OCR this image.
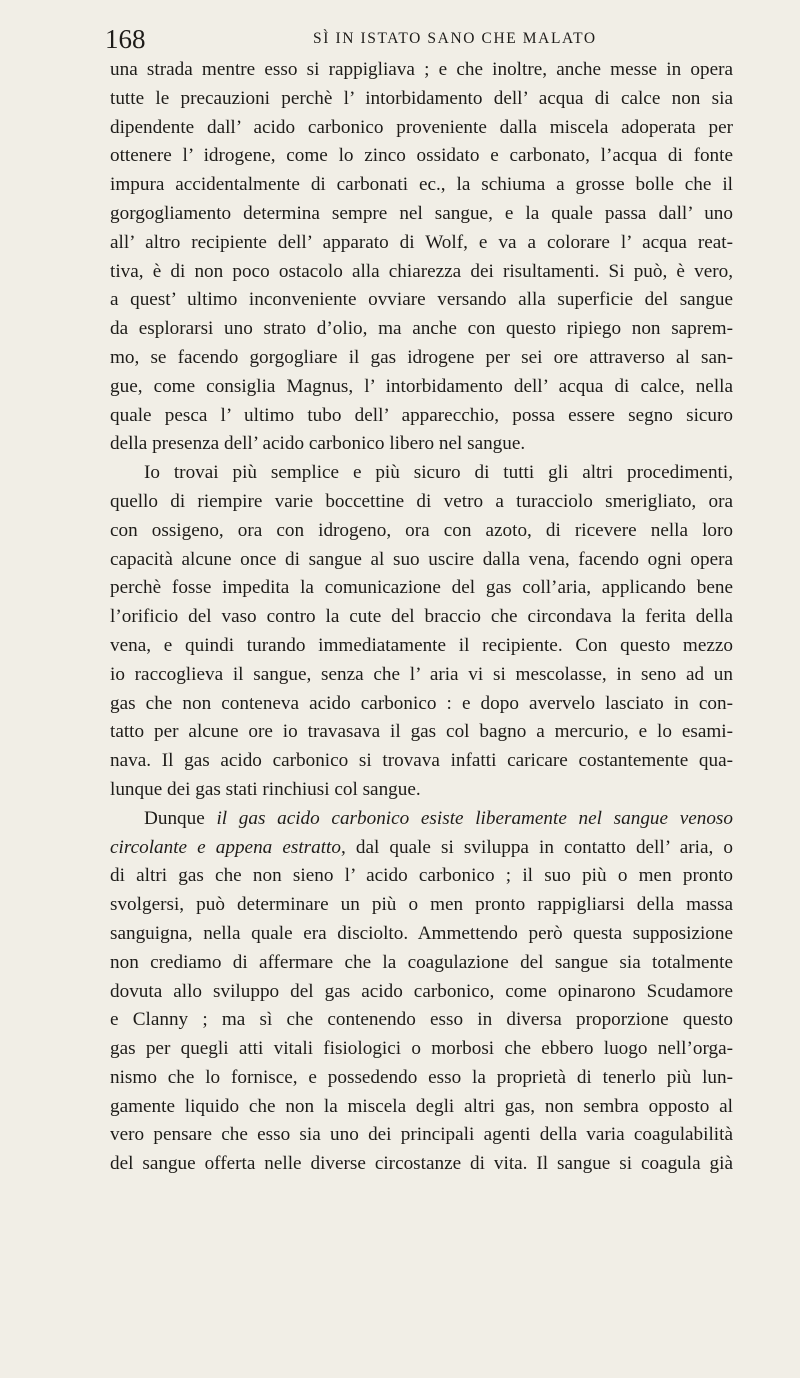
168	SÌ IN ISTATO SANO CHE MALATO
una strada mentre esso si rappigliava ; e che inoltre, anche messe in opera
tutte le precauzioni perchè l’ intorbidamento dell’ acqua di calce non sia
dipendente dall’ acido carbonico proveniente dalla miscela adoperata per
ottenere l’ idrogene, come lo zinco ossidato e carbonato, l’acqua di fonte
impura accidentalmente di carbonati ec., la schiuma a grosse bolle che il
gorgogliamento determina sempre nel sangue, e la quale passa dall’ uno
all’ altro recipiente dell’ apparato di Wolf, e va a colorare l’ acqua reat-
tiva, è di non poco ostacolo alla chiarezza dei risultamenti. Si può, è vero,
a quest’ ultimo inconveniente ovviare versando alla superficie del sangue
da esplorarsi uno strato d’olio, ma anche con questo ripiego non saprem-
mo, se facendo gorgogliare il gas idrogene per sei ore attraverso al san-
gue, come consiglia Magnus, l’ intorbidamento dell’ acqua di calce, nella
quale pesca l’ ultimo tubo dell’ apparecchio, possa essere segno sicuro
della presenza dell’ acido carbonico libero nel sangue.
Io trovai più semplice e più sicuro di tutti gli altri procedimenti,
quello di riempire varie boccettine di vetro a turacciolo smerigliato, ora
con ossigeno, ora con idrogeno, ora con azoto, di ricevere nella loro
capacità alcune once di sangue al suo uscire dalla vena, facendo ogni opera
perchè fosse impedita la comunicazione del gas coll’aria, applicando bene
l’orificio del vaso contro la cute del braccio che circondava la ferita della
vena, e quindi turando immediatamente il recipiente. Con questo mezzo
io raccoglieva il sangue, senza che l’ aria vi si mescolasse, in seno ad un
gas che non conteneva acido carbonico : e dopo avervelo lasciato in con-
tatto per alcune ore io travasava il gas col bagno a mercurio, e lo esami-
nava. Il gas acido carbonico si trovava infatti caricare costantemente qua-
lunque dei gas stati rinchiusi col sangue.
Dunque il gas acido carbonico esiste liberamente nel sangue venoso
circolante e appena estratto, dal quale si sviluppa in contatto dell’ aria, o
di altri gas che non sieno l’ acido carbonico ; il suo più o men pronto
svolgersi, può determinare un più o men pronto rappigliarsi della massa
sanguigna, nella quale era disciolto. Ammettendo però questa supposizione
non crediamo di affermare che la coagulazione del sangue sia totalmente
dovuta allo sviluppo del gas acido carbonico, come opinarono Scudamore
e Clanny ; ma sì che contenendo esso in diversa proporzione questo
gas per quegli atti vitali fisiologici o morbosi che ebbero luogo nell’orga-
nismo che lo fornisce, e possedendo esso la proprietà di tenerlo più lun-
gamente liquido che non la miscela degli altri gas, non sembra opposto al
vero pensare che esso sia uno dei principali agenti della varia coagulabilità
del sangue offerta nelle diverse circostanze di vita. Il sangue si coagula già
